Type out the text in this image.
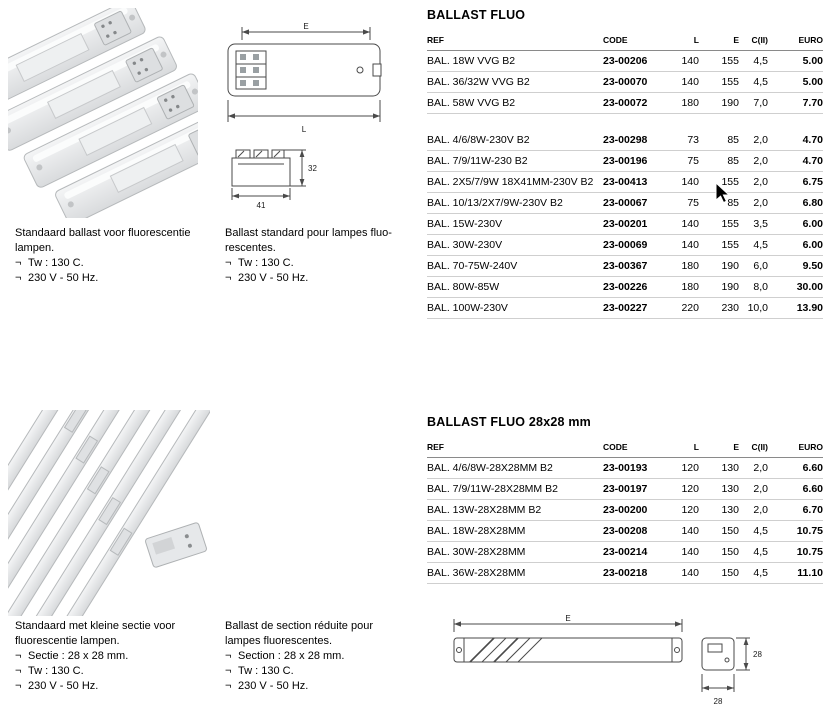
E
L
32
41
Standaard ballast voor fluorescentie
lampen.
¬ Tw : 130 C.
¬ 230 V - 50 Hz.
Ballast standard pour lampes fluo-
rescentes.
¬ Tw : 130 C.
¬ 230 V - 50 Hz.
BALLAST FLUO
REF	CODE	L	E	C(II)	EURO
BAL. 18W VVG B2	23-00206	140	155	4,5	5.00
BAL. 36/32W VVG B2	23-00070	140	155	4,5	5.00
BAL. 58W VVG B2	23-00072	180	190	7,0	7.70
BAL. 4/6/8W-230V B2	23-00298	73	85	2,0	4.70
BAL. 7/9/11W-230 B2	23-00196	75	85	2,0	4.70
BAL. 2X5/7/9W 18X41MM-230V B2 23-00413	140	155	2,0	6.75
BAL. 10/13/2X7/9W-230V B2	23-00067	75	85	2,0	6.80
BAL. 15W-230V	23-00201	140	155	3,5	6.00
BAL. 30W-230V	23-00069	140	155	4,5	6.00
BAL. 70-75W-240V	23-00367	180	190	6,0	9.50
BAL. 80W-85W	23-00226	180	190	8,0	30.00
BAL. 100W-230V	23-00227	220	230 10,0	13.90
Standaard met kleine sectie voor
fluorescentie lampen.
¬ Sectie : 28 x 28 mm.
¬ Tw : 130 C.
¬ 230 V - 50 Hz.
Ballast de section réduite pour
lampes fluorescentes.
¬ Section : 28 x 28 mm.
¬ Tw : 130 C.
¬ 230 V - 50 Hz.
BALLAST FLUO 28x28 mm
REF	CODE	L	E	C(II)	EURO
BAL. 4/6/8W-28X28MM B2	23-00193	120	130	2,0	6.60
BAL. 7/9/11W-28X28MM B2	23-00197	120	130	2,0	6.60
BAL. 13W-28X28MM B2	23-00200	120	130	2,0	6.70
BAL. 18W-28X28MM	23-00208	140	150	4,5	10.75
BAL. 30W-28X28MM	23-00214	140	150	4,5	10.75
BAL. 36W-28X28MM	23-00218	140	150	4,5	11.10
E
28
28
